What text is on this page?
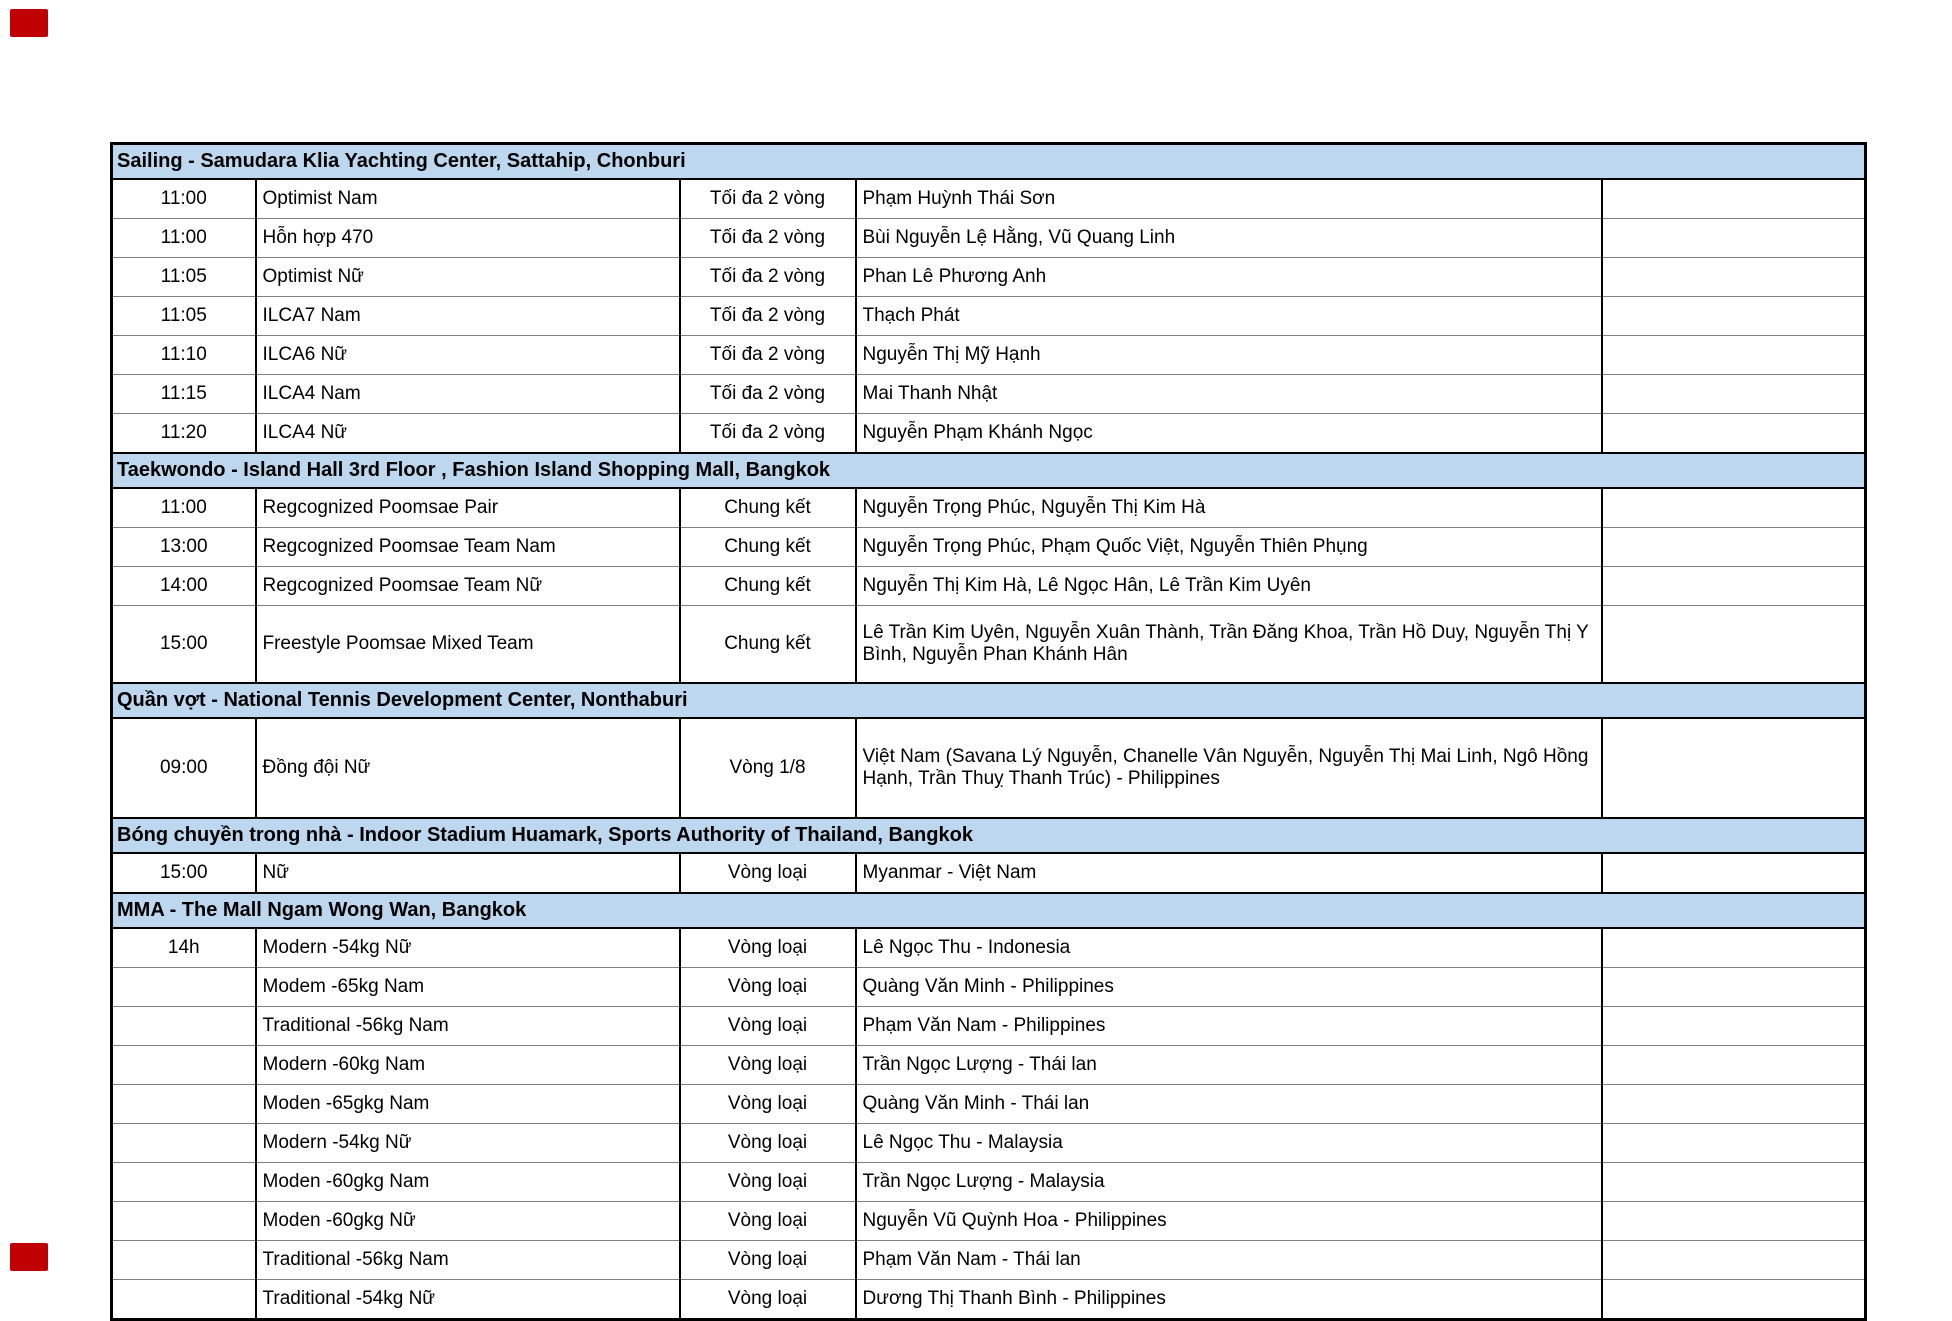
Sailing - Samudara Klia Yachting Center, Sattahip, Chonburi				
11:00	Optimist Nam	Tối đa 2 vòng	Phạm Huỳnh Thái Sơn	
11:00	Hỗn hợp 470	Tối đa 2 vòng	Bùi Nguyễn Lệ Hằng, Vũ Quang Linh	
11:05	Optimist Nữ	Tối đa 2 vòng	Phan Lê Phương Anh	
11:05	ILCA7 Nam	Tối đa 2 vòng	Thạch Phát	
11:10	ILCA6 Nữ	Tối đa 2 vòng	Nguyễn Thị Mỹ Hạnh	
11:15	ILCA4 Nam	Tối đa 2 vòng	Mai Thanh Nhật	
11:20	ILCA4 Nữ	Tối đa 2 vòng	Nguyễn Phạm Khánh Ngọc	
Taekwondo - Island Hall 3rd Floor , Fashion Island Shopping Mall, Bangkok				
11:00	Regcognized Poomsae Pair	Chung kết	Nguyễn Trọng Phúc, Nguyễn Thị Kim Hà	
13:00	Regcognized Poomsae Team Nam	Chung kết	Nguyễn Trọng Phúc, Phạm Quốc Việt, Nguyễn Thiên Phụng	
14:00	Regcognized Poomsae Team Nữ	Chung kết	Nguyễn Thị Kim Hà, Lê Ngọc Hân, Lê Trần Kim Uyên	
15:00	Freestyle Poomsae Mixed Team	Chung kết	Lê Trần Kim Uyên, Nguyễn Xuân Thành, Trần Đăng Khoa, Trần Hồ Duy, Nguyễn Thị Y Bình, Nguyễn Phan Khánh Hân	
Quần vợt - National Tennis Development Center, Nonthaburi				
09:00	Đồng đội Nữ	Vòng 1/8	Việt Nam (Savana Lý Nguyễn, Chanelle Vân Nguyễn, Nguyễn Thị Mai Linh, Ngô Hồng Hạnh, Trần Thuỵ Thanh Trúc) - Philippines	
Bóng chuyền trong nhà - Indoor Stadium Huamark, Sports Authority of Thailand, Bangkok				
15:00	Nữ	Vòng loại	Myanmar - Việt Nam	
MMA - The Mall Ngam Wong Wan, Bangkok				
14h	Modern -54kg Nữ	Vòng loại	Lê Ngọc Thu - Indonesia	
	Modem -65kg Nam	Vòng loại	Quàng Văn Minh - Philippines	
	Traditional -56kg Nam	Vòng loại	Phạm Văn Nam - Philippines	
	Modern -60kg Nam	Vòng loại	Trần Ngọc Lượng - Thái lan	
	Moden -65gkg Nam	Vòng loại	Quàng Văn Minh - Thái lan	
	Modern -54kg Nữ	Vòng loại	Lê Ngọc Thu - Malaysia	
	Moden -60gkg Nam	Vòng loại	Trần Ngọc Lượng - Malaysia	
	Moden -60gkg Nữ	Vòng loại	Nguyễn Vũ Quỳnh Hoa - Philippines	
	Traditional -56kg Nam	Vòng loại	Phạm Văn Nam - Thái lan	
	Traditional -54kg Nữ	Vòng loại	Dương Thị Thanh Bình - Philippines	
